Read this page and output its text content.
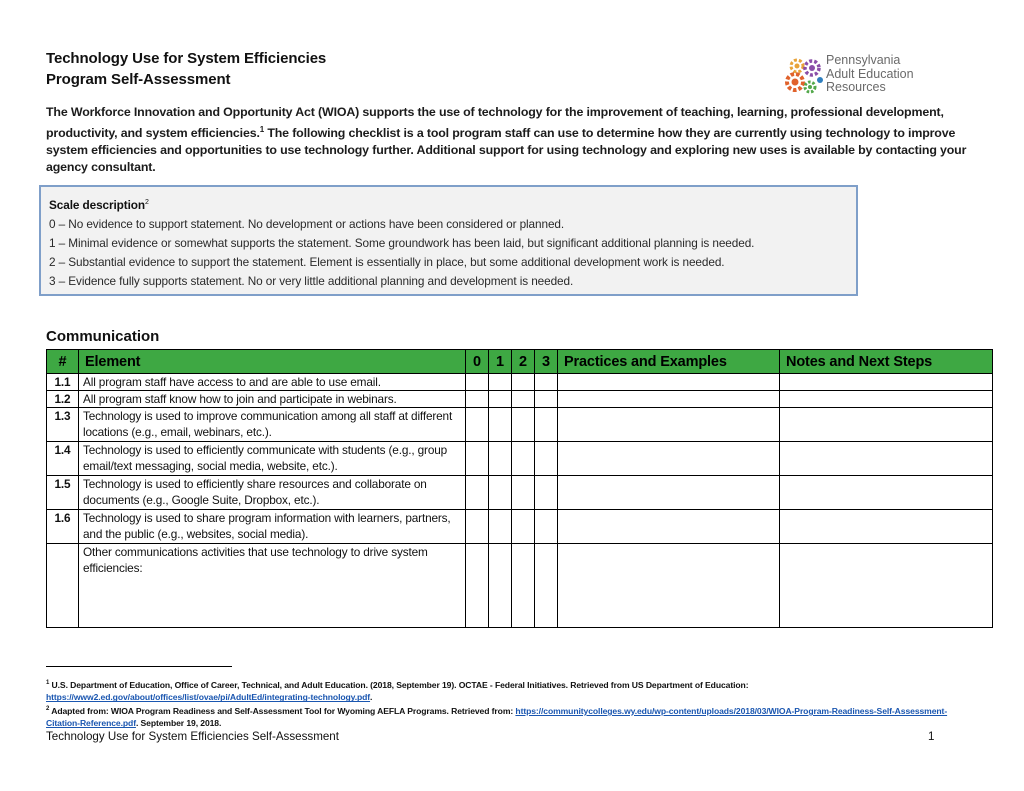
Technology Use for System Efficiencies
Program Self-Assessment
Pennsylvania
Adult Education
Resources
The Workforce Innovation and Opportunity Act (WIOA) supports the use of technology for the improvement of teaching, learning, professional development, productivity, and system efficiencies.$^1$ The following checklist is a tool program staff can use to determine how they are currently using technology to improve system efficiencies and opportunities to use technology further. Additional support for using technology and exploring new uses is available by contacting your agency consultant.
Scale description$^2$
0 – No evidence to support statement. No development or actions have been considered or planned.
1 – Minimal evidence or somewhat supports the statement. Some groundwork has been laid, but significant additional planning is needed.
2 – Substantial evidence to support the statement. Element is essentially in place, but some additional development work is needed.
3 – Evidence fully supports statement. No or very little additional planning and development is needed.
Communication
#	Element	0	1	2	3	Practices and Examples	Notes and Next Steps
1.1	All program staff have access to and are able to use email.						
1.2	All program staff know how to join and participate in webinars.						
1.3	Technology is used to improve communication among all staff at different locations (e.g., email, webinars, etc.).						
1.4	Technology is used to efficiently communicate with students (e.g., group email/text messaging, social media, website, etc.).						
1.5	Technology is used to efficiently share resources and collaborate on documents (e.g., Google Suite, Dropbox, etc.).						
1.6	Technology is used to share program information with learners, partners, and the public (e.g., websites, social media).						
	Other communications activities that use technology to drive system efficiencies:						
$^1$ U.S. Department of Education, Office of Career, Technical, and Adult Education. (2018, September 19). OCTAE - Federal Initiatives. Retrieved from US Department of Education:
https://www2.ed.gov/about/offices/list/ovae/pi/AdultEd/integrating-technology.pdf.
$^2$ Adapted from: WIOA Program Readiness and Self-Assessment Tool for Wyoming AEFLA Programs. Retrieved from: https://communitycolleges.wy.edu/wp-content/uploads/2018/03/WIOA-Program-Readiness-Self-Assessment-Citation-Reference.pdf. September 19, 2018.
Technology Use for System Efficiencies Self-Assessment	1
